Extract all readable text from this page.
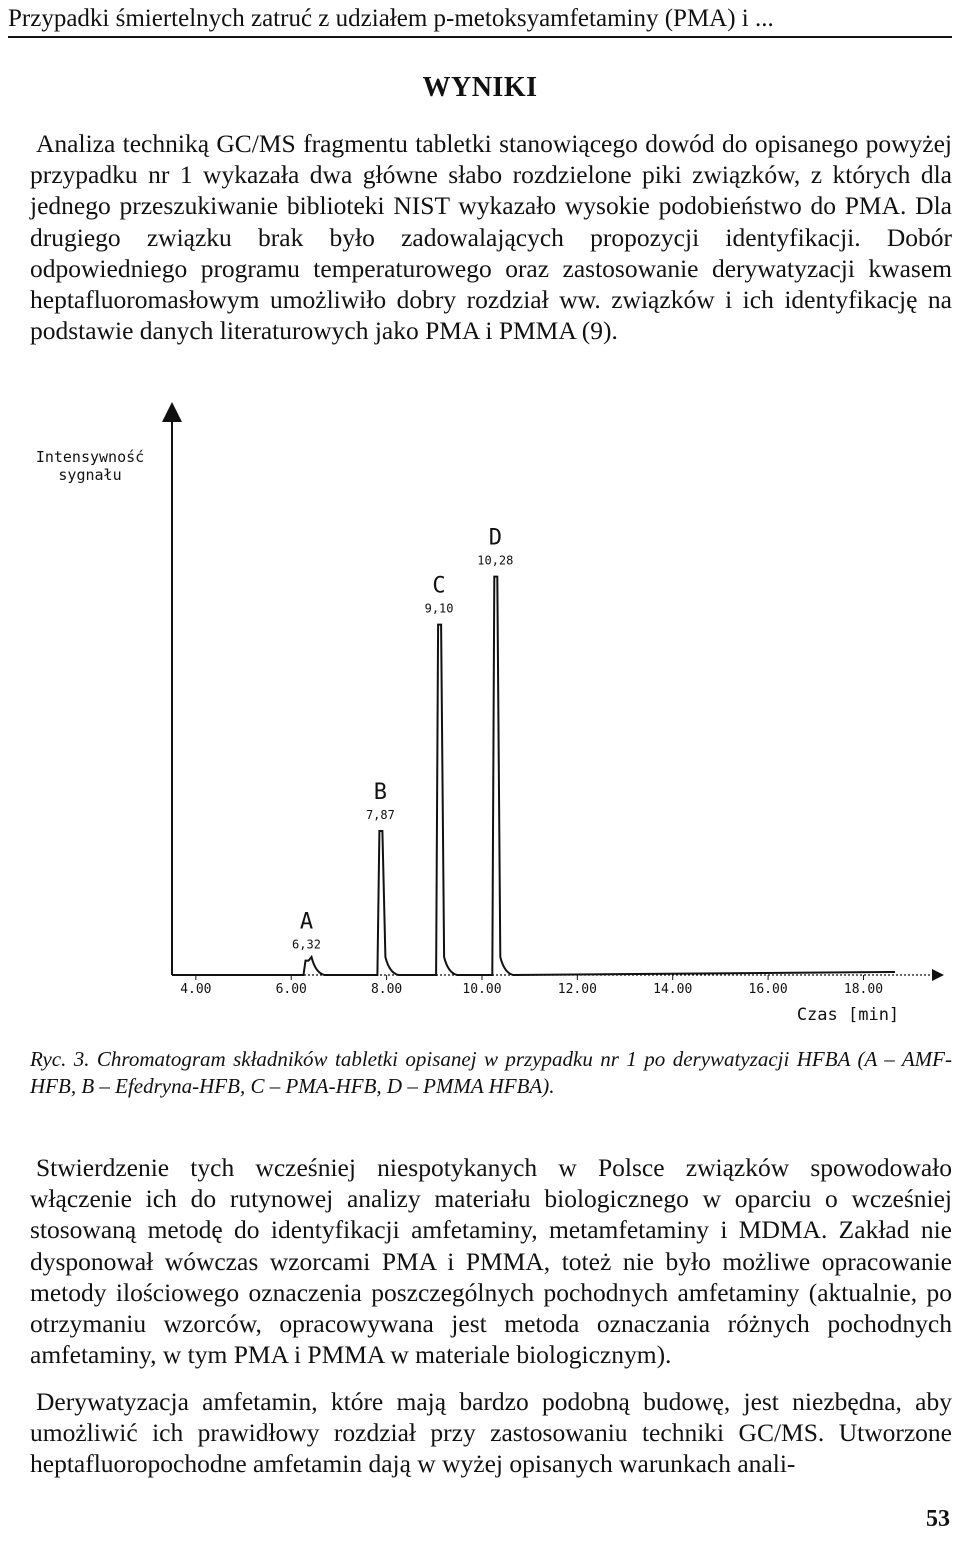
Przypadki śmiertelnych zatruć z udziałem p-metoksyamfetaminy (PMA) i ...
WYNIKI

Analiza techniką GC/MS fragmentu tabletki stanowiącego dowód do opisanego powyżej przypadku nr 1 wykazała dwa główne słabo rozdzielone piki związków, z których dla jednego przeszukiwanie biblioteki NIST wykazało wysokie podobieństwo do PMA. Dla drugiego związku brak było zadowalających propozycji identyfikacji. Dobór odpowiedniego programu temperaturowego oraz zastosowanie derywatyzacji kwasem heptafluoromasłowym umożliwiło dobry rozdział ww. związków i ich identyfikację na podstawie danych literaturowych jako PMA i PMMA (9).

Intensywność
sygnału
Czas [min]
4.00	6.00	8.00	10.00	12.00	14.00	16.00	18.00
A
6,32
B
7,87
C
9,10
D
10,28

Ryc. 3. Chromatogram składników tabletki opisanej w przypadku nr 1 po derywatyzacji HFBA (A – AMF-HFB, B – Efedryna-HFB, C – PMA-HFB, D – PMMA HFBA).

Stwierdzenie tych wcześniej niespotykanych w Polsce związków spowodowało włączenie ich do rutynowej analizy materiału biologicznego w oparciu o wcześniej stosowaną metodę do identyfikacji amfetaminy, metamfetaminy i MDMA. Zakład nie dysponował wówczas wzorcami PMA i PMMA, toteż nie było możliwe opracowanie metody ilościowego oznaczenia poszczególnych pochodnych amfetaminy (aktualnie, po otrzymaniu wzorców, opracowywana jest metoda oznaczania różnych pochodnych amfetaminy, w tym PMA i PMMA w materiale biologicznym).

Derywatyzacja amfetamin, które mają bardzo podobną budowę, jest niezbędna, aby umożliwić ich prawidłowy rozdział przy zastosowaniu techniki GC/MS. Utworzone heptafluoropochodne amfetamin dają w wyżej opisanych warunkach anali-

53
